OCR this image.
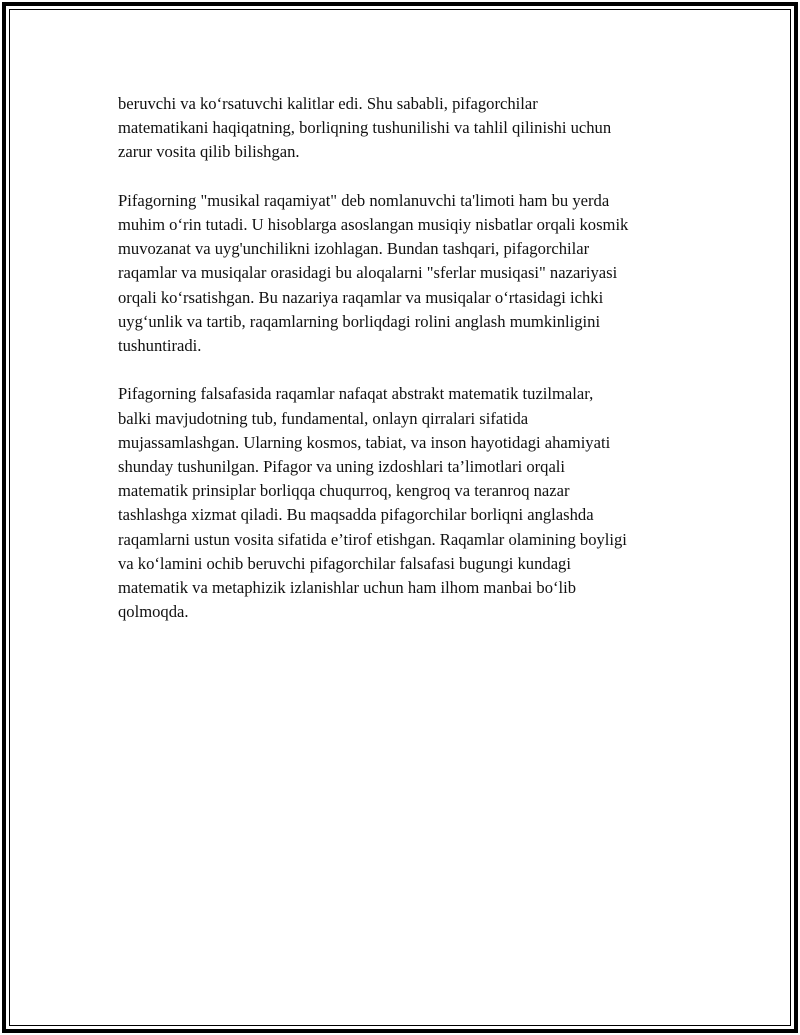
beruvchi va ko‘rsatuvchi kalitlar edi. Shu sababli, pifagorchilar
matematikani haqiqatning, borliqning tushunilishi va tahlil qilinishi uchun
zarur vosita qilib bilishgan.

Pifagorning "musikal raqamiyat" deb nomlanuvchi ta'limoti ham bu yerda
muhim o‘rin tutadi. U hisoblarga asoslangan musiqiy nisbatlar orqali kosmik
muvozanat va uyg'unchilikni izohlagan. Bundan tashqari, pifagorchilar
raqamlar va musiqalar orasidagi bu aloqalarni "sferlar musiqasi" nazariyasi
orqali ko‘rsatishgan. Bu nazariya raqamlar va musiqalar o‘rtasidagi ichki
uyg‘unlik va tartib, raqamlarning borliqdagi rolini anglash mumkinligini
tushuntiradi.

Pifagorning falsafasida raqamlar nafaqat abstrakt matematik tuzilmalar,
balki mavjudotning tub, fundamental, onlayn qirralari sifatida
mujassamlashgan. Ularning kosmos, tabiat, va inson hayotidagi ahamiyati
shunday tushunilgan. Pifagor va uning izdoshlari ta’limotlari orqali
matematik prinsiplar borliqqa chuqurroq, kengroq va teranroq nazar
tashlashga xizmat qiladi. Bu maqsadda pifagorchilar borliqni anglashda
raqamlarni ustun vosita sifatida e’tirof etishgan. Raqamlar olamining boyligi
va ko‘lamini ochib beruvchi pifagorchilar falsafasi bugungi kundagi
matematik va metaphizik izlanishlar uchun ham ilhom manbai bo‘lib
qolmoqda.
